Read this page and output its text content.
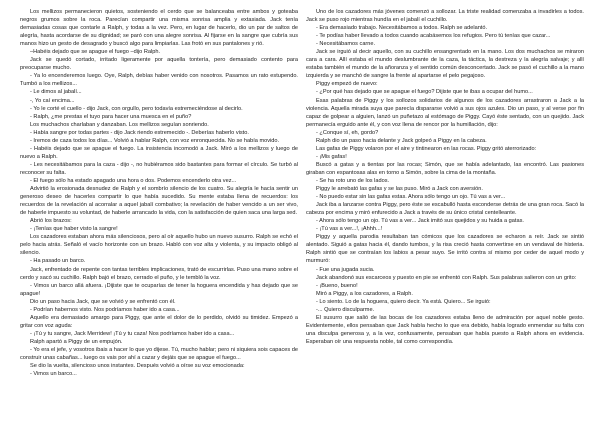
Los mellizos permanecieron quietos, sosteniendo el cerdo que se balanceaba entre ambos y goteaba negros grumos sobre la roca. Parecían compartir una misma sonrisa amplia y extasiada. Jack tenía demasiadas cosas que contarle a Ralph, y todas a la vez. Pero, en lugar de hacerlo, dio un par de saltos de alegría, hasta acordarse de su dignidad; se paró con una alegre sonrisa. Al fijarse en la sangre que cubría sus manos hizo un gesto de desagrado y buscó algo para limpiarlas. Las frotó en sus pantalones y rió.

–Habéis dejado que se apague el fuego –dijo Ralph.

Jack se quedó cortado, irritado ligeramente por aquella tontería, pero demasiado contento para preocuparse mucho.

- Ya lo encenderemos luego. Oye, Ralph, debías haber venido con nosotros. Pasamos un rato estupendo. Tumbó a los mellizos...

- Le dimos al jabalí...

-, Yo caí encima...

- Yo le corté el cuello - dijo Jack, con orgullo, pero todavía estremeciéndose al decirlo.

- Ralph, ¿me prestas el tuyo para hacer una muesca en el puño?

Los muchachos charlaban y danzaban. Los mellizos seguían sonriendo.

- Había sangre por todas partes - dijo Jack riendo estremecido -. Deberías haberlo visto.

- Iremos de caza todos los días... Volvió a hablar Ralph, con voz enronquecida. No se había movido.

- Habéis dejado que se apague el fuego. La insistencia incomodó a Jack. Miró a los mellizos y luego de nuevo a Ralph.

- Les necesitábamos para la caza - dijo -, no hubiéramos sido bastantes para formar el círculo. Se turbó al reconocer su falta.

- El fuego sólo ha estado apagado una hora o dos. Podemos encenderlo otra vez...

Advirtió la erosionada desnudez de Ralph y el sombrío silencio de los cuatro. Su alegría le hacía sentir un generoso deseo de hacerles compartir lo que había sucedido. Su mente estaba llena de recuerdos: los recuerdos de la revelación al acorralar a aquel jabalí combativo; la revelación de haber vencido a un ser vivo, de haberle impuesto su voluntad, de haberle arrancado la vida, con la satisfacción de quien saca una larga sed.

Abrió los brazos:

- ¡Tenías que haber visto la sangre!

Los cazadores estaban ahora más silenciosos, pero al oír aquello hubo un nuevo susurro. Ralph se echó el pelo hacia atrás. Señaló el vacío horizonte con un brazo. Habló con voz alta y violenta, y su impacto obligó al silencio.

- Ha pasado un barco.

Jack, enfrentado de repente con tantas terribles implicaciones, trató de escurrirlas. Puso una mano sobre el cerdo y sacó su cuchillo. Ralph bajó el brazo, cerrado el puño, y le tembló la voz.

- Vimos un barco allá afuera. ¡Dijiste que te ocuparías de tener la hoguera encendida y has dejado que se apague!

Dio un paso hacia Jack, que se volvió y se enfrentó con él.

- Podrían habernos visto. Nos podríamos haber ido a casa...

Aquello era demasiado amargo para Piggy, que ante el dolor de lo perdido, olvidó su timidez. Empezó a gritar con voz aguda:

- ¡Tú y tu sangre, Jack Merridew! ¡Tú y tu caza! Nos podríamos haber ido a casa...

Ralph apartó a Piggy de un empujón.

- Yo era el jefe, y vosotros ibais a hacer lo que yo dijese. Tú, mucho hablar; pero ni siquiera sois capaces de construir unas cabañas... luego os vais por ahí a cazar y dejáis que se apague el fuego...

Se dio la vuelta, silencioso unos instantes. Después volvió a oírse su voz emocionada:

- Vimos un barco...

Uno de los cazadores más jóvenes comenzó a sollozar. La triste realidad comenzaba a invadirles a todos. Jack se puso rojo mientras hundía en el jabalí el cuchillo.

- Era demasiado trabajo. Necesitábamos a todos. Ralph se adelantó.

- Te podías haber llevado a todos cuando acabásemos los refugios. Pero tú tenías que cazar...

- Necesitábamos carne.

Jack se irguió al decir aquello, con su cuchillo ensangrentado en la mano. Los dos muchachos se miraron cara a cara. Allí estaba el mundo deslumbrante de la caza, la táctica, la destreza y la alegría salvaje; y allí estaba también el mundo de la añoranza y el sentido común desconcertado. Jack se pasó el cuchillo a la mano izquierda y se manchó de sangre la frente al apartarse el pelo pegajoso.

Piggy empezó de nuevo:

- ¿Por qué has dejado que se apague el fuego? Dijiste que te ibas a ocupar del humo...

Esas palabras de Piggy y los sollozos solidarios de algunos de los cazadores arrastraron a Jack a la violencia. Aquella mirada suya que parecía dispararse volvió a sus ojos azules. Dio un paso, y al verse por fin capaz de golpear a alguien, lanzó un puñetazo al estómago de Piggy. Cayó éste sentado, con un quejido. Jack permanecía erguido ante él, y con voz llena de rencor por la humillación, dijo:

- ¿Conque sí, eh, gordo?

Ralph dio un paso hacia delante y Jack golpeó a Piggy en la cabeza.

Las gafas de Piggy volaron por el aire y tintinearon en las rocas. Piggy gritó aterrorizado:

- ¡Mis gafas!

Buscó a gatas y a tientas por las rocas; Simón, que se había adelantado, las encontró. Las pasiones giraban con espantosas alas en torno a Simón, sobre la cima de la montaña.

- Se ha roto uno de los lados.

Piggy le arrebató las gafas y se las puso. Miró a Jack con aversión.

- No puedo estar sin las gafas estas. Ahora sólo tengo un ojo. Tú vas a ver...

Jack iba a lanzarse contra Piggy, pero éste se escabulló hasta esconderse detrás de una gran roca. Sacó la cabeza por encima y miró enfurecido a Jack a través de su único cristal centelleante.

- Ahora sólo tengo un ojo. Tú vas a ver... Jack imitó sus quejidos y su huida a gatas.

- ¡Tú vas a ver...!, ¡Ahhh...!

Piggy y aquella parodia resultaban tan cómicos que los cazadores se echaron a reír. Jack se sintió alentado. Siguió a gatas hacia él, dando tumbos, y la risa creció hasta convertirse en un vendaval de histeria. Ralph sintió que se contraían los labios a pesar suyo. Se irritó contra sí mismo por ceder de aquel modo y murmuró:

- Fue una jugada sucia.

Jack abandonó sus escarceos y puesto en pie se enfrentó con Ralph. Sus palabras salieron con un grito:

- ¡Bueno, bueno!

Miró a Piggy, a los cazadores, a Ralph.

- Lo siento. Lo de la hoguera, quiero decir. Ya está. Quiero... Se irguió:

-... Quiero disculparme.

El susurro que salió de las bocas de los cazadores estaba lleno de admiración por aquel noble gesto. Evidentemente, ellos pensaban que Jack había hecho lo que era debido, había logrado enmendar su falta con una disculpa generosa y, a la vez, confusamente, pensaban que había puesto a Ralph ahora en evidencia. Esperaban oír una respuesta noble, tal como correspondía.
